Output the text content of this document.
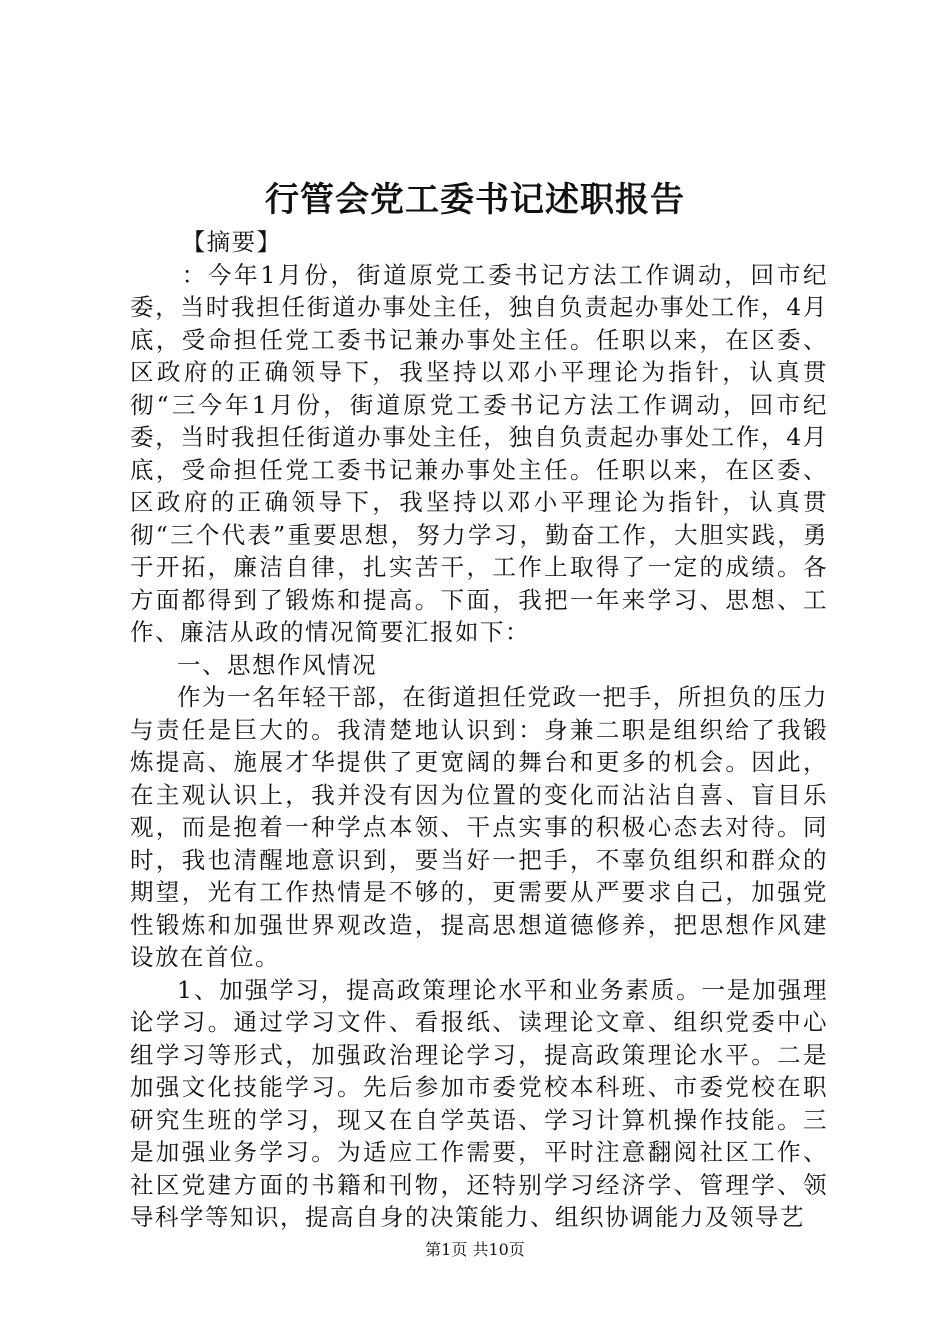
行管会党工委书记述职报告

【摘要】

：今年1月份，街道原党工委书记方法工作调动，回市纪委，当时我担任街道办事处主任，独自负责起办事处工作，4月底，受命担任党工委书记兼办事处主任。任职以来，在区委、区政府的正确领导下，我坚持以邓小平理论为指针，认真贯彻“三今年1月份，街道原党工委书记方法工作调动，回市纪委，当时我担任街道办事处主任，独自负责起办事处工作，4月底，受命担任党工委书记兼办事处主任。任职以来，在区委、区政府的正确领导下，我坚持以邓小平理论为指针，认真贯彻“三个代表”重要思想，努力学习，勤奋工作，大胆实践，勇于开拓，廉洁自律，扎实苦干，工作上取得了一定的成绩。各方面都得到了锻炼和提高。下面，我把一年来学习、思想、工作、廉洁从政的情况简要汇报如下：

一、思想作风情况

作为一名年轻干部，在街道担任党政一把手，所担负的压力与责任是巨大的。我清楚地认识到：身兼二职是组织给了我锻炼提高、施展才华提供了更宽阔的舞台和更多的机会。因此，在主观认识上，我并没有因为位置的变化而沾沾自喜、盲目乐观，而是抱着一种学点本领、干点实事的积极心态去对待。同时，我也清醒地意识到，要当好一把手，不辜负组织和群众的期望，光有工作热情是不够的，更需要从严要求自己，加强党性锻炼和加强世界观改造，提高思想道德修养，把思想作风建设放在首位。

1、加强学习，提高政策理论水平和业务素质。一是加强理论学习。通过学习文件、看报纸、读理论文章、组织党委中心组学习等形式，加强政治理论学习，提高政策理论水平。二是加强文化技能学习。先后参加市委党校本科班、市委党校在职研究生班的学习，现又在自学英语、学习计算机操作技能。三是加强业务学习。为适应工作需要，平时注意翻阅社区工作、社区党建方面的书籍和刊物，还特别学习经济学、管理学、领导科学等知识，提高自身的决策能力、组织协调能力及领导艺

第1页 共10页
